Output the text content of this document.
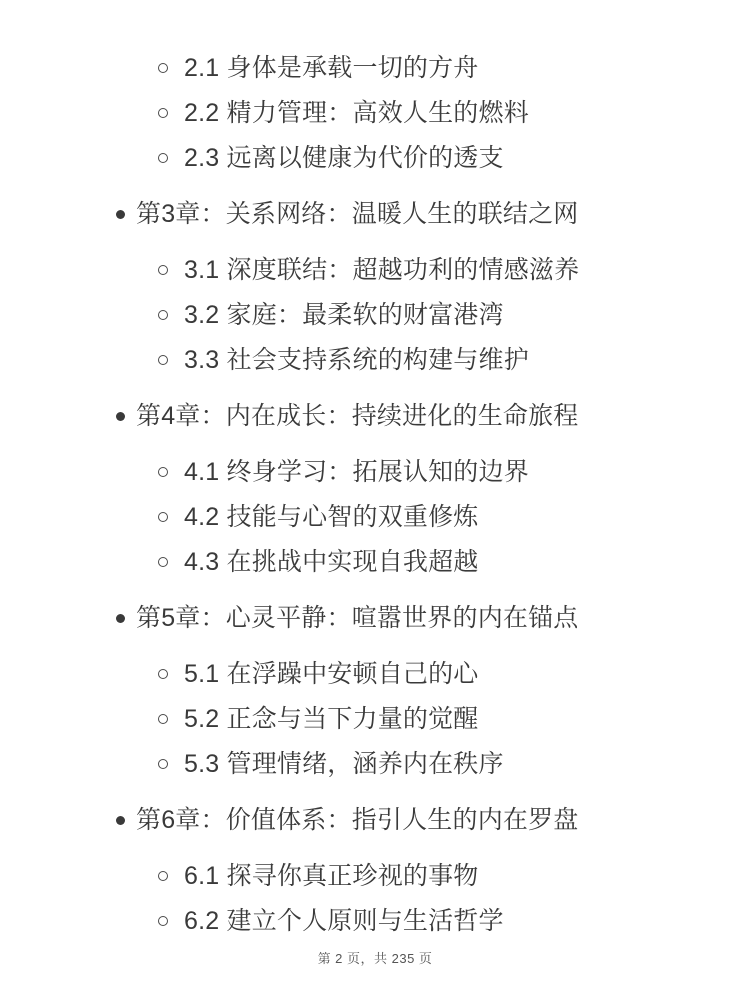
2.1 身体是承载一切的方舟
2.2 精力管理：高效人生的燃料
2.3 远离以健康为代价的透支
第3章：关系网络：温暖人生的联结之网
3.1 深度联结：超越功利的情感滋养
3.2 家庭：最柔软的财富港湾
3.3 社会支持系统的构建与维护
第4章：内在成长：持续进化的生命旅程
4.1 终身学习：拓展认知的边界
4.2 技能与心智的双重修炼
4.3 在挑战中实现自我超越
第5章：心灵平静：喧嚣世界的内在锚点
5.1 在浮躁中安顿自己的心
5.2 正念与当下力量的觉醒
5.3 管理情绪，涵养内在秩序
第6章：价值体系：指引人生的内在罗盘
6.1 探寻你真正珍视的事物
6.2 建立个人原则与生活哲学
第 2 页，共 235 页
